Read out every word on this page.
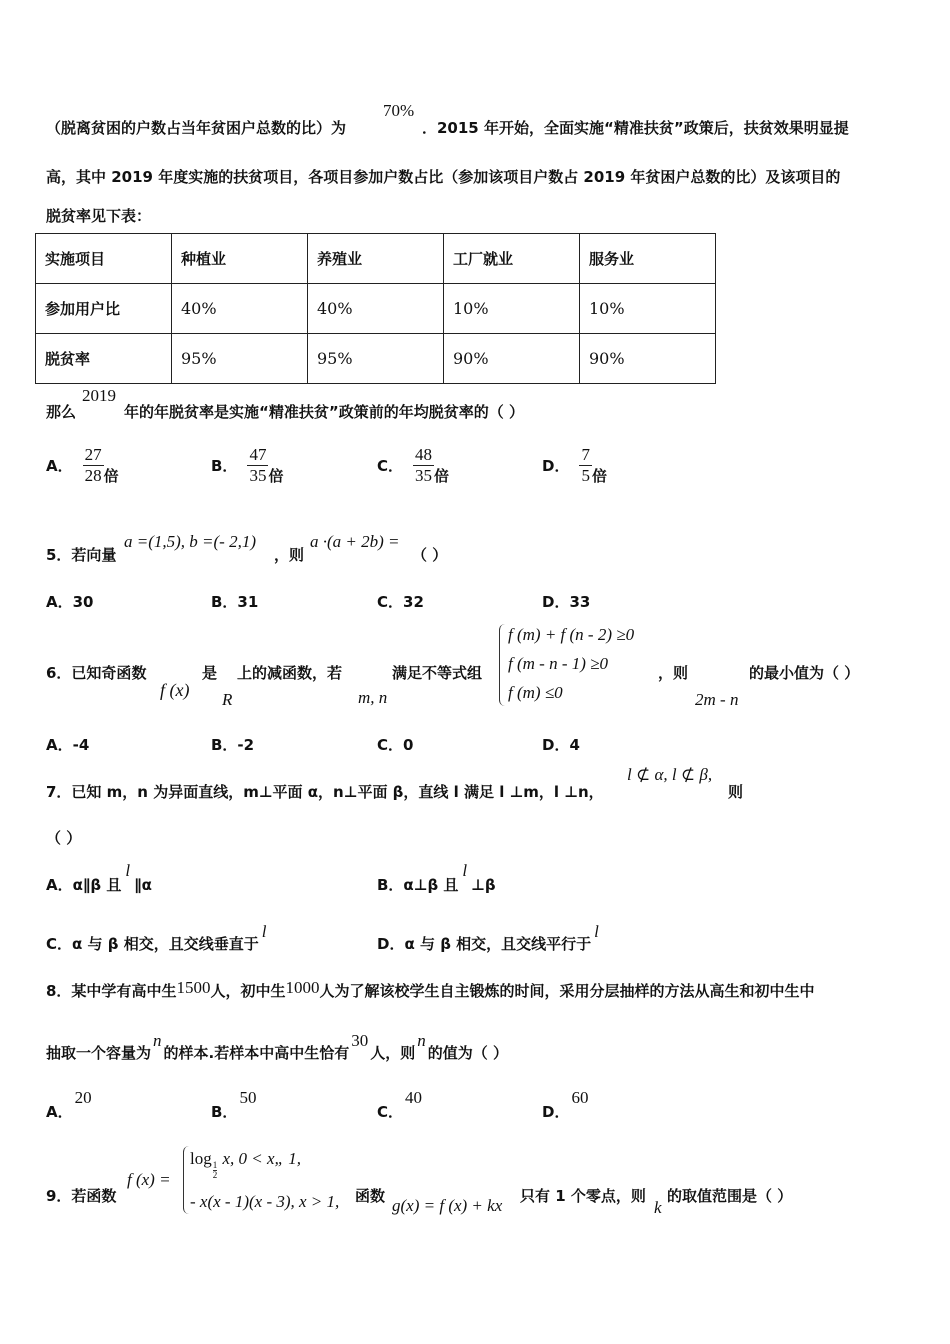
（脱离贫困的户数占当年贫困户总数的比）为
70%
．2015 年开始，全面实施“精准扶贫”政策后，扶贫效果明显提
高，其中 2019 年度实施的扶贫项目，各项目参加户数占比（参加该项目户数占 2019 年贫困户总数的比）及该项目的
脱贫率见下表：
实施项目	种植业	养殖业	工厂就业	服务业
参加用户比	40%	40%	10%	10%
脱贫率	95%	95%	90%	90%
那么
2019
年的年脱贫率是实施“精准扶贫”政策前的年均脱贫率的（ ）
A． $\frac{27}{28}$ 倍
B． $\frac{47}{35}$ 倍
C． $\frac{48}{35}$ 倍
D． $\frac{7}{5}$ 倍
5．若向量
a =(1,5), b =(- 2,1)
，则
a ·(a + 2b) =
（ ）
A．30	B．31	C．32	D．33
6．已知奇函数
f (x)
是
R
上的减函数，若
m, n
满足不等式组
f (m) + f (n - 2) ≥0
f (m - n - 1) ≥0
f (m) ≤0
，则
2m - n
的最小值为（ ）
A．-4	B．-2	C．0	D．4
7．已知 m，n 为异面直线，m⊥平面 α，n⊥平面 β，直线 l 满足 l ⊥m，l ⊥n，
l ⊄ α, l ⊄ β,
则
（ ）
A．α∥β 且l∥α	B．α⊥β 且l⊥β
C．α 与 β 相交，且交线垂直于l
D．α 与 β 相交，且交线平行于l
8．某中学有高中生1500人，初中生1000人为了解该校学生自主锻炼的时间，采用分层抽样的方法从高生和初中生中
抽取一个容量为n的样本.若样本中高中生恰有30人，则n的值为（ ）
A．20
B．50
C．40
D．60
9．若函数
f (x) =
log
$\frac{1}{2}$
x, 0 < x„ 1,
- x(x - 1)(x - 3), x > 1, 函数 g(x) = f (x) + kx 只有 1 个零点，则
k
的取值范围是（ ）
